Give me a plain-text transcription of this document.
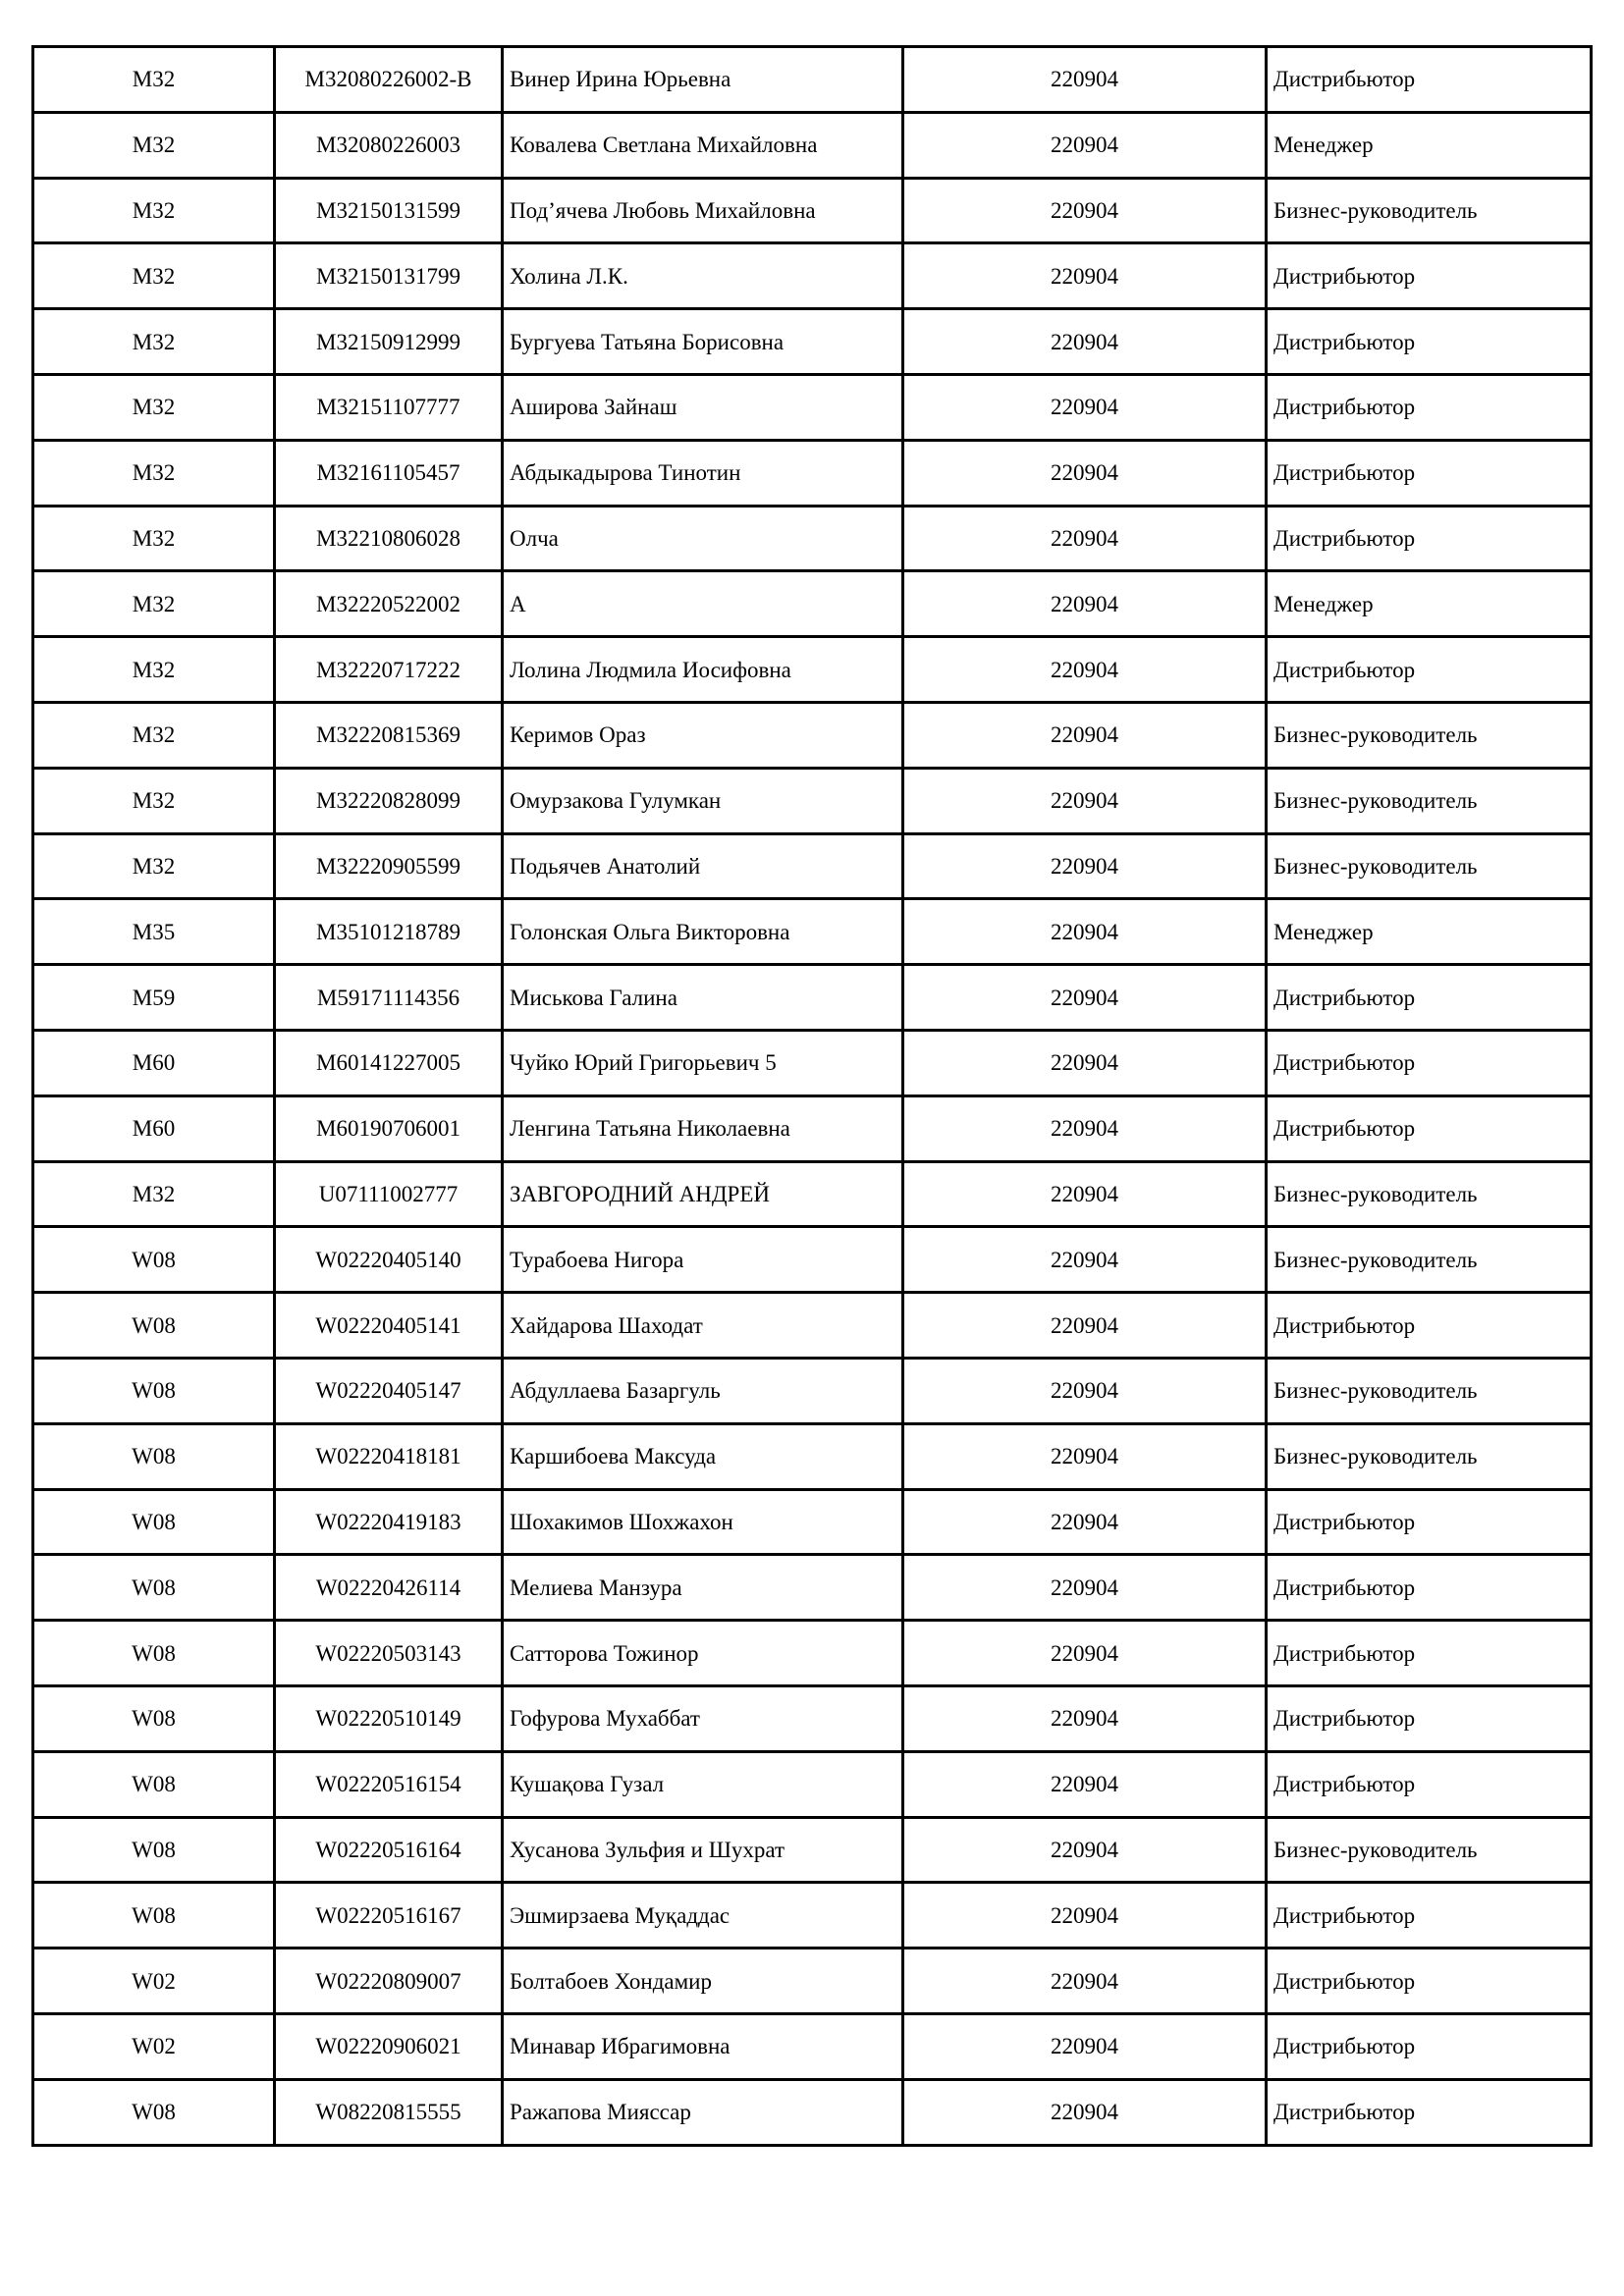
M32	M32080226002-B	Винер Ирина Юрьевна	220904	Дистрибьютор
M32	M32080226003	Ковалева Светлана Михайловна	220904	Менеджер
M32	M32150131599	Под’ячева Любовь Михайловна	220904	Бизнес-руководитель
M32	M32150131799	Холина Л.К.	220904	Дистрибьютор
M32	M32150912999	Бургуева Татьяна Борисовна	220904	Дистрибьютор
M32	M32151107777	Аширова Зайнаш	220904	Дистрибьютор
M32	M32161105457	Абдыкадырова Тинотин	220904	Дистрибьютор
M32	M32210806028	Олча	220904	Дистрибьютор
M32	M32220522002	А	220904	Менеджер
M32	M32220717222	Лолина Людмила Иосифовна	220904	Дистрибьютор
M32	M32220815369	Керимов Ораз	220904	Бизнес-руководитель
M32	M32220828099	Омурзакова Гулумкан	220904	Бизнес-руководитель
M32	M32220905599	Подьячев Анатолий	220904	Бизнес-руководитель
M35	M35101218789	Голонская Ольга Викторовна	220904	Менеджер
M59	M59171114356	Миськова Галина	220904	Дистрибьютор
M60	M60141227005	Чуйко Юрий Григорьевич 5	220904	Дистрибьютор
M60	M60190706001	Ленгина Татьяна Николаевна	220904	Дистрибьютор
M32	U07111002777	ЗАВГОРОДНИЙ АНДРЕЙ	220904	Бизнес-руководитель
W08	W02220405140	Турабоева Нигора	220904	Бизнес-руководитель
W08	W02220405141	Хайдарова Шаходат	220904	Дистрибьютор
W08	W02220405147	Абдуллаева Базаргуль	220904	Бизнес-руководитель
W08	W02220418181	Каршибоева Максуда	220904	Бизнес-руководитель
W08	W02220419183	Шохакимов Шохжахон	220904	Дистрибьютор
W08	W02220426114	Мелиева Манзура	220904	Дистрибьютор
W08	W02220503143	Сатторова Тожинор	220904	Дистрибьютор
W08	W02220510149	Гофурова Мухаббат	220904	Дистрибьютор
W08	W02220516154	Кушақова Гузал	220904	Дистрибьютор
W08	W02220516164	Хусанова Зульфия и Шухрат	220904	Бизнес-руководитель
W08	W02220516167	Эшмирзаева Муқаддас	220904	Дистрибьютор
W02	W02220809007	Болтабоев Хондамир	220904	Дистрибьютор
W02	W02220906021	Минавар Ибрагимовна	220904	Дистрибьютор
W08	W08220815555	Ражапова Мияссар	220904	Дистрибьютор
